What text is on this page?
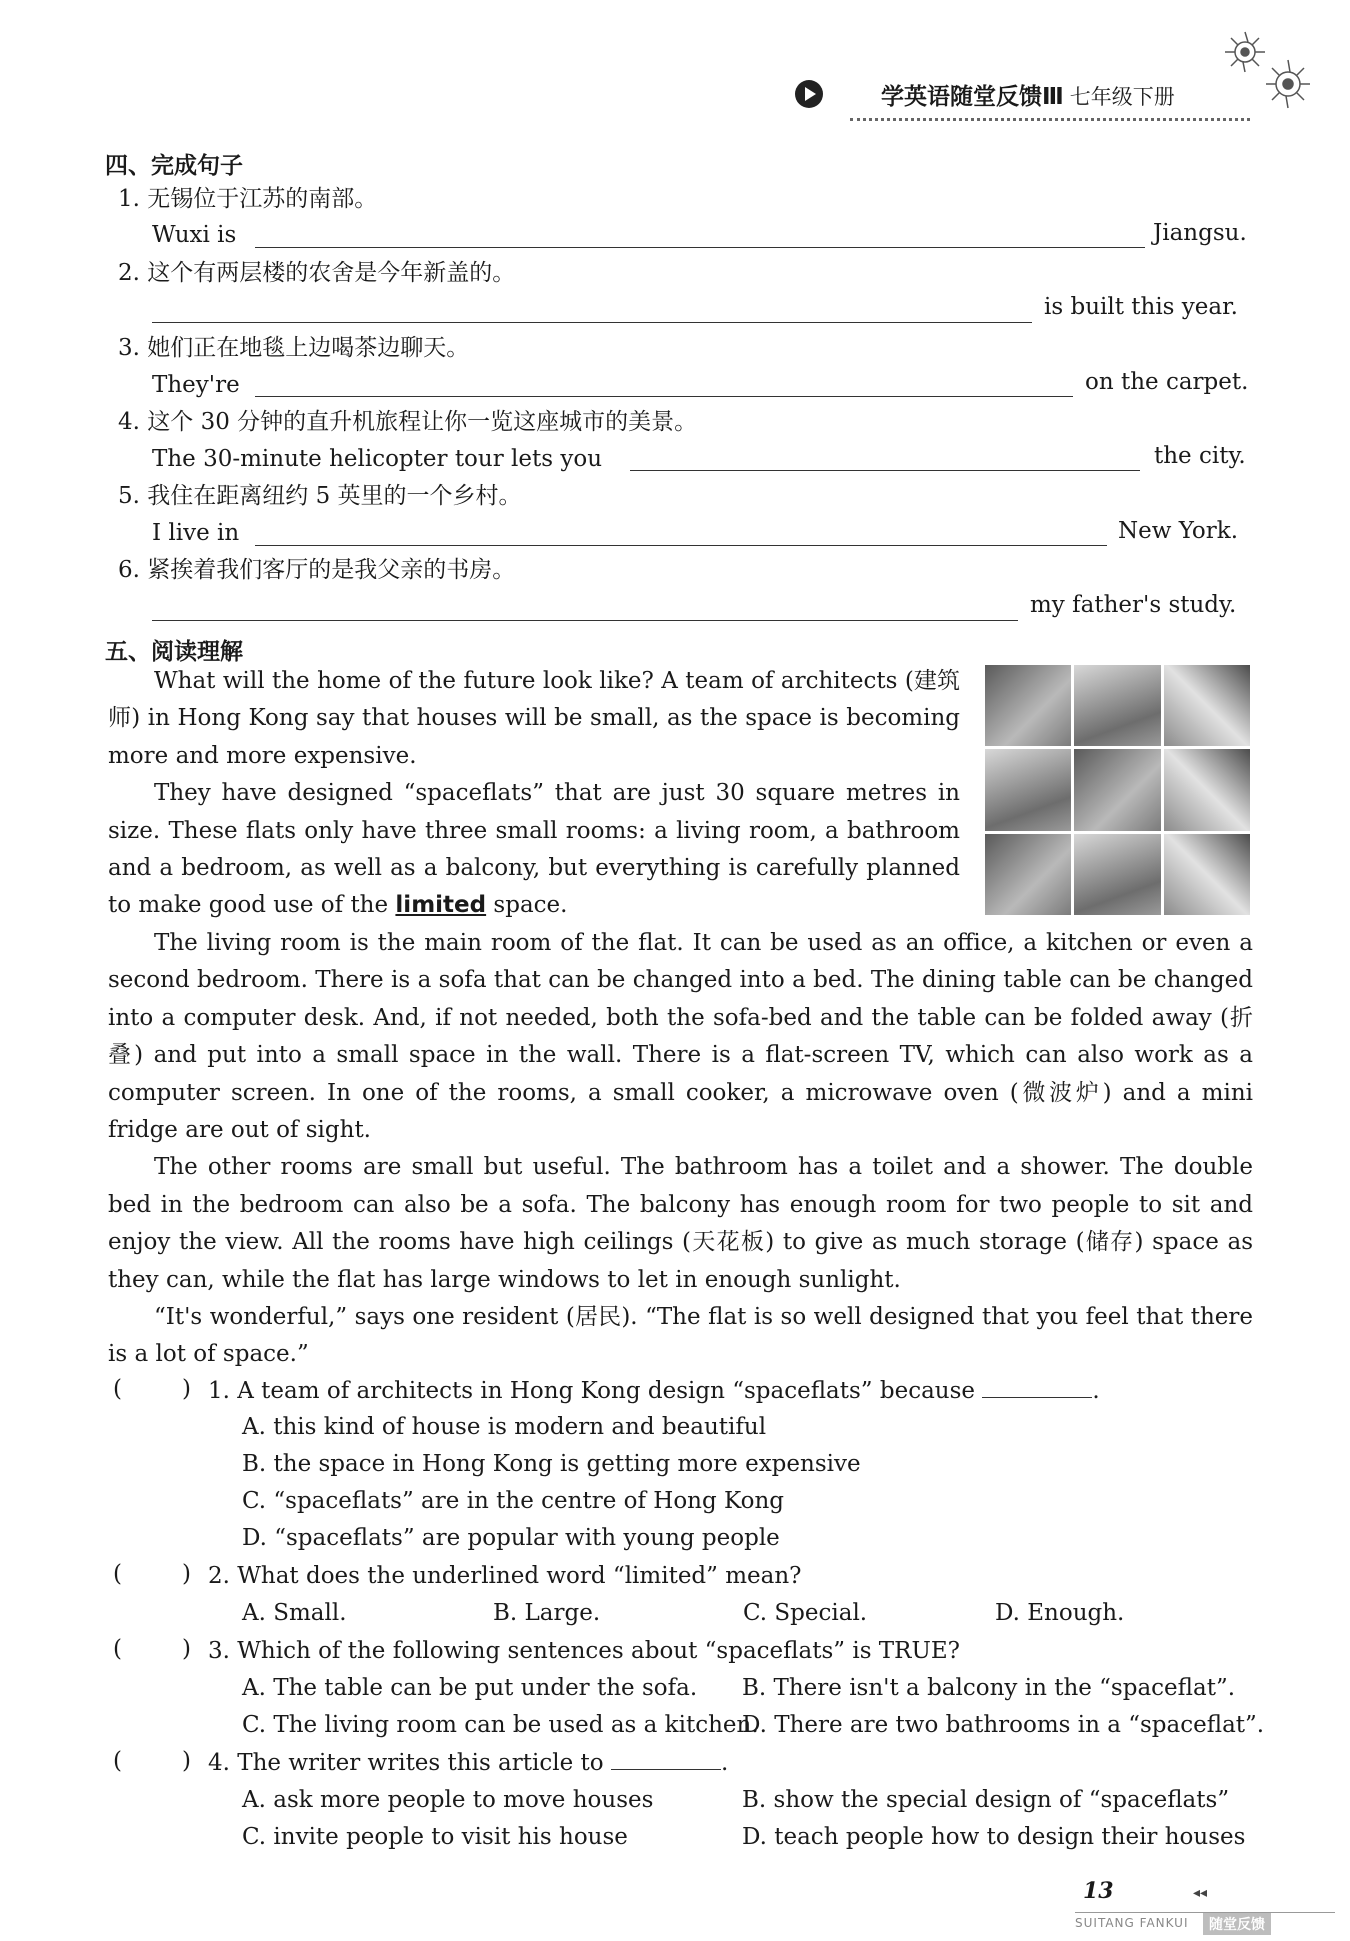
学英语随堂反馈Ⅲ 七年级下册
四、完成句子
1. 无锡位于江苏的南部。
Wuxi is	Jiangsu.
2. 这个有两层楼的农舍是今年新盖的。
is built this year.
3. 她们正在地毯上边喝茶边聊天。
They're	on the carpet.
4. 这个 30 分钟的直升机旅程让你一览这座城市的美景。
The 30-minute helicopter tour lets you	the city.
5. 我住在距离纽约 5 英里的一个乡村。
I live in	New York.
6. 紧挨着我们客厅的是我父亲的书房。
my father's study.
五、阅读理解

What will the home of the future look like? A team of architects (建筑师) in Hong Kong say that houses will be small, as the space is becoming more and more expensive.

They have designed “spaceflats” that are just 30 square metres in size. These flats only have three small rooms: a living room, a bathroom and a bedroom, as well as a balcony, but everything is carefully planned to make good use of the limited space.

The living room is the main room of the flat. It can be used as an office, a kitchen or even a second bedroom. There is a sofa that can be changed into a bed. The dining table can be changed into a computer desk. And, if not needed, both the sofa-bed and the table can be folded away (折叠) and put into a small space in the wall. There is a flat-screen TV, which can also work as a computer screen. In one of the rooms, a small cooker, a microwave oven (微波炉) and a mini fridge are out of sight.

The other rooms are small but useful. The bathroom has a toilet and a shower. The double bed in the bedroom can also be a sofa. The balcony has enough room for two people to sit and enjoy the view. All the rooms have high ceilings (天花板) to give as much storage (储存) space as they can, while the flat has large windows to let in enough sunlight.

“It's wonderful,” says one resident (居民). “The flat is so well designed that you feel that there is a lot of space.”

(	) 1. A team of architects in Hong Kong design “spaceflats” because	.
A. this kind of house is modern and beautiful
B. the space in Hong Kong is getting more expensive
C. “spaceflats” are in the centre of Hong Kong
D. “spaceflats” are popular with young people
(	) 2. What does the underlined word “limited” mean?
A. Small.	B. Large.	C. Special.	D. Enough.
(	) 3. Which of the following sentences about “spaceflats” is TRUE?
A. The table can be put under the sofa. B. There isn't a balcony in the “spaceflat”.
C. The living room can be used as a kitchen.
D. There are two bathrooms in a “spaceflat”.
(	) 4. The writer writes this article to	.
A. ask more people to move houses	B. show the special design of “spaceflats”
C. invite people to visit his house	D. teach people how to design their houses
13	◂◂
SUITANG FANKUI	随堂反馈
